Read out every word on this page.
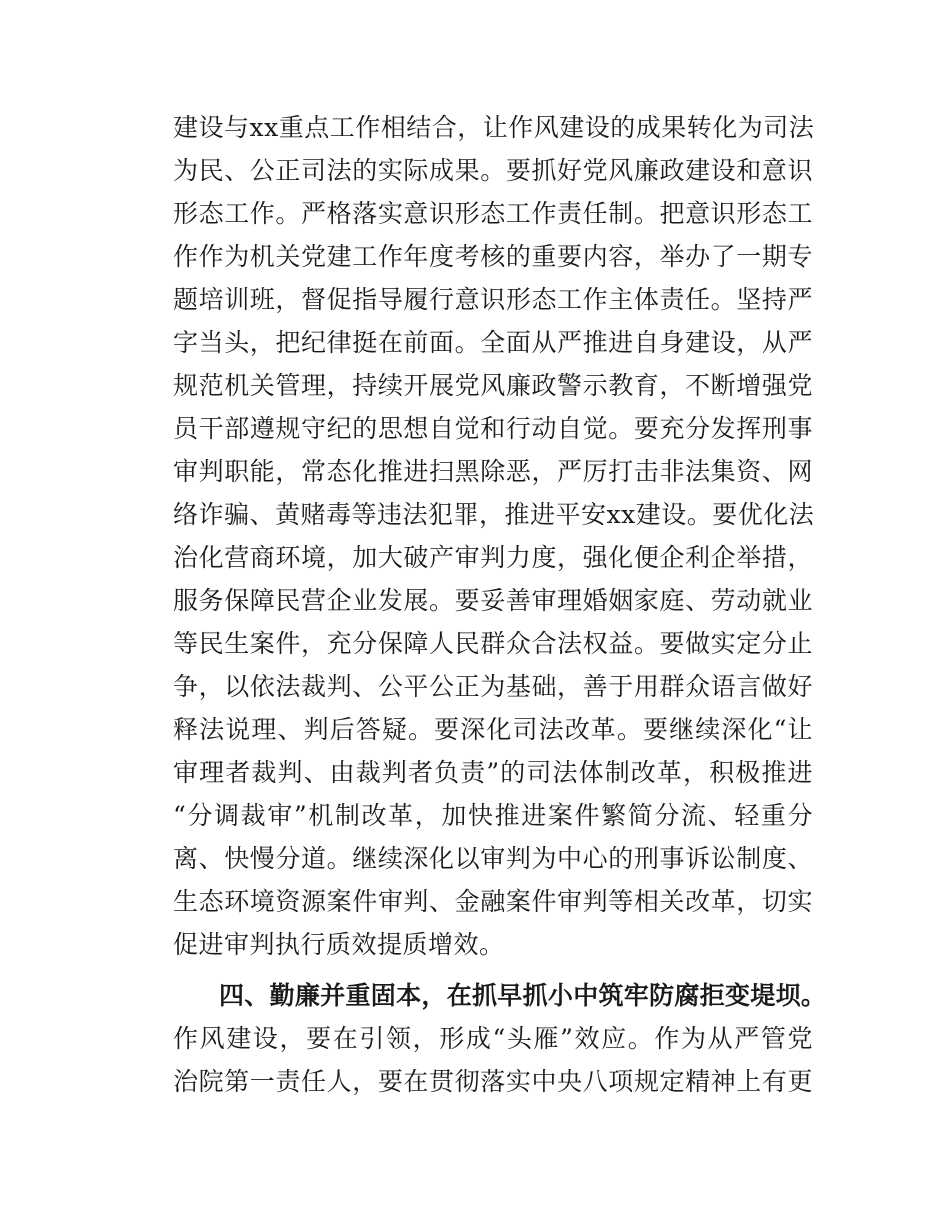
建设与xx重点工作相结合，让作风建设的成果转化为司法
为民、公正司法的实际成果。要抓好党风廉政建设和意识
形态工作。严格落实意识形态工作责任制。把意识形态工
作作为机关党建工作年度考核的重要内容，举办了一期专
题培训班，督促指导履行意识形态工作主体责任。坚持严
字当头，把纪律挺在前面。全面从严推进自身建设，从严
规范机关管理，持续开展党风廉政警示教育，不断增强党
员干部遵规守纪的思想自觉和行动自觉。要充分发挥刑事
审判职能，常态化推进扫黑除恶，严厉打击非法集资、网
络诈骗、黄赌毒等违法犯罪，推进平安xx建设。要优化法
治化营商环境，加大破产审判力度，强化便企利企举措，
服务保障民营企业发展。要妥善审理婚姻家庭、劳动就业
等民生案件，充分保障人民群众合法权益。要做实定分止
争，以依法裁判、公平公正为基础，善于用群众语言做好
释法说理、判后答疑。要深化司法改革。要继续深化“让
审理者裁判、由裁判者负责”的司法体制改革，积极推进
“分调裁审”机制改革，加快推进案件繁简分流、轻重分
离、快慢分道。继续深化以审判为中心的刑事诉讼制度、
生态环境资源案件审判、金融案件审判等相关改革，切实
促进审判执行质效提质增效。
四、勤廉并重固本，在抓早抓小中筑牢防腐拒变堤坝。
作风建设，要在引领，形成“头雁”效应。作为从严管党
治院第一责任人，要在贯彻落实中央八项规定精神上有更
